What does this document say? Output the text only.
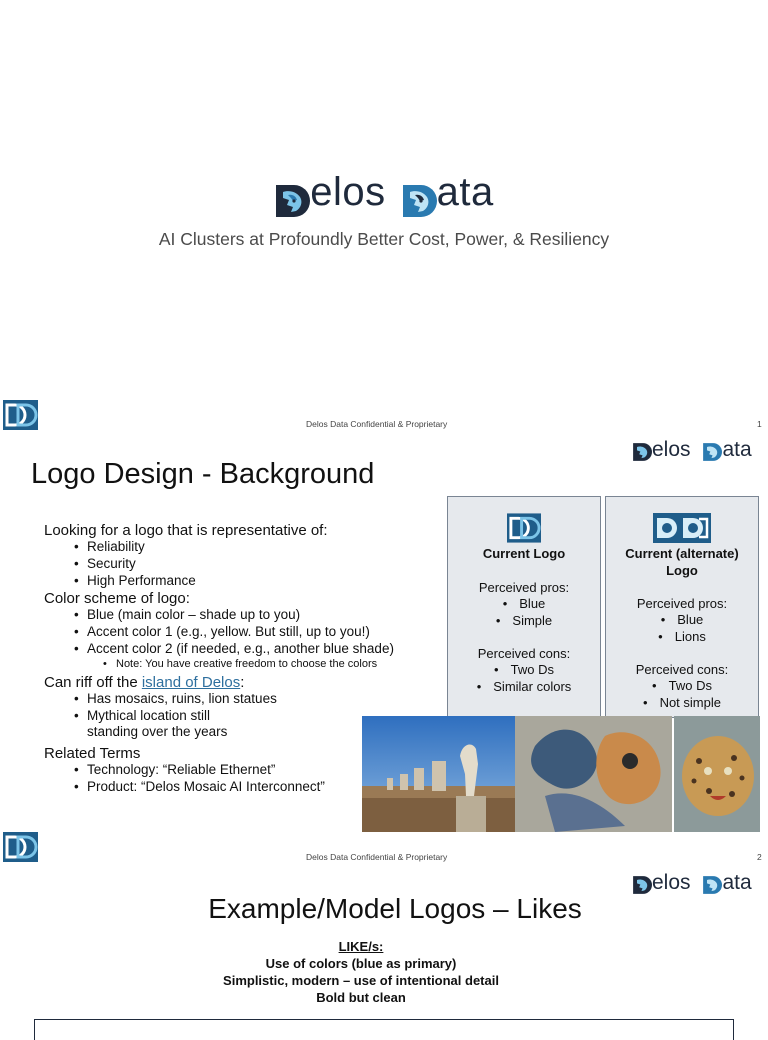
elos ata
AI Clusters at Profoundly Better Cost, Power, & Resiliency
Delos Data Confidential & Proprietary	1
elos ata
Logo Design - Background

Looking for a logo that is representative of:

• Reliability
• Security
• High Performance

Color scheme of logo:

• Blue (main color – shade up to you)
• Accent color 1 (e.g., yellow. But still, up to you!)
• Accent color 2 (if needed, e.g., another blue shade)
• Note: You have creative freedom to choose the colors

Can riff off the island of Delos:

• Has mosaics, ruins, lion statues
• Mythical location still
standing over the years

Related Terms

• Technology: “Reliable Ethernet”
• Product: “Delos Mosaic AI Interconnect”
Current Logo
Perceived pros:
• Blue
• Simple
Perceived cons:
• Two Ds
• Similar colors
Current (alternate)
Logo
Perceived pros:
• Blue
• Lions
Perceived cons:
• Two Ds
• Not simple
Delos Data Confidential & Proprietary	2
elos ata
Example/Model Logos – Likes
LIKE/s:
Use of colors (blue as primary)
Simplistic, modern – use of intentional detail
Bold but clean
